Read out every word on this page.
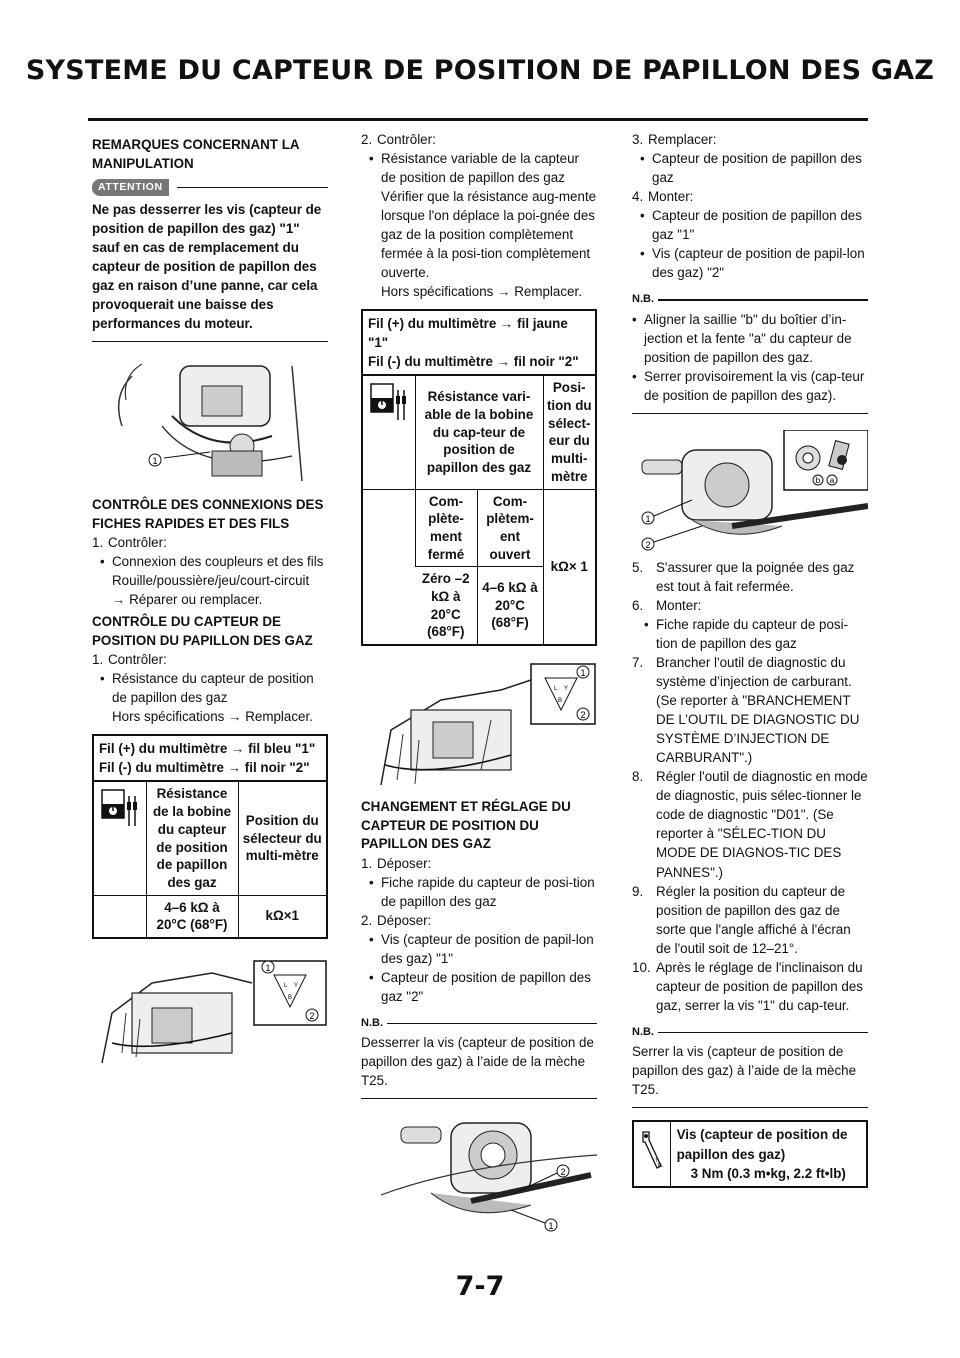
SYSTEME DU CAPTEUR DE POSITION DE PAPILLON DES GAZ
REMARQUES CONCERNANT LA MANIPULATION
ATTENTION
Ne pas desserrer les vis (capteur de position de papillon des gaz) "1" sauf en cas de remplacement du capteur de position de papillon des gaz en raison d’une panne, car cela provoquerait une baisse des performances du moteur.
1
CONTRÔLE DES CONNEXIONS DES FICHES RAPIDES ET DES FILS
1. Contrôler:
• Connexion des coupleurs et des fils
Rouille/poussière/jeu/court-circuit
→ Réparer ou remplacer.
CONTRÔLE DU CAPTEUR DE POSITION DU PAPILLON DES GAZ
1. Contrôler:
• Résistance du capteur de position de papillon des gaz
Hors spécifications → Remplacer.
Fil (+) du multimètre → fil bleu "1"
Fil (-) du multimètre → fil noir "2"
	Résistance de la bobine du capteur de position de papillon des gaz	Position du sélecteur du multi-mètre
	4–6 kΩ à 20°C (68°F)	kΩ×1
L Y
B
1
2
2. Contrôler:
• Résistance variable de la capteur de position de papillon des gaz
Vérifier que la résistance aug-mente lorsque l'on déplace la poi-gnée des gaz de la position complètement fermée à la posi-tion complètement ouverte.
Hors spécifications → Remplacer.
Fil (+) du multimètre → fil jaune "1"
Fil (-) du multimètre → fil noir "2"
	Résistance vari-able de la bobine du cap-teur de position de papillon des gaz		Posi-tion du sélect-eur du multi-mètre
	Com-plète-ment fermé	Com-plètem-ent ouvert	kΩ× 1
	Zéro –2 kΩ à 20°C (68°F)	4–6 kΩ à 20°C (68°F)	
L Y
B
1
2
CHANGEMENT ET RÉGLAGE DU CAPTEUR DE POSITION DU PAPILLON DES GAZ
1. Déposer:
• Fiche rapide du capteur de posi-tion de papillon des gaz
2. Déposer:
• Vis (capteur de position de papil-lon des gaz) "1"
• Capteur de position de papillon des gaz "2"
N.B.
Desserrer la vis (capteur de position de papillon des gaz) à l’aide de la mèche T25.
2
1
3. Remplacer:
• Capteur de position de papillon des gaz
4. Monter:
• Capteur de position de papillon des gaz "1"
• Vis (capteur de position de papil-lon des gaz) "2"
N.B.
• Aligner la saillie "b" du boîtier d’in-jection et la fente "a" du capteur de position de papillon des gaz.
• Serrer provisoirement la vis (cap-teur de position de papillon des gaz).
b a
1
2
5. S'assurer que la poignée des gaz est tout à fait refermée.
6. Monter:
• Fiche rapide du capteur de posi-tion de papillon des gaz
7. Brancher l'outil de diagnostic du système d’injection de carburant. (Se reporter à "BRANCHEMENT DE L’OUTIL DE DIAGNOSTIC DU SYSTÈME D’INJECTION DE CARBURANT".)
8. Régler l'outil de diagnostic en mode de diagnostic, puis sélec-tionner le code de diagnostic "D01". (Se reporter à "SÉLEC-TION DU MODE DE DIAGNOS-TIC DES PANNES".)
9. Régler la position du capteur de position de papillon des gaz de sorte que l'angle affiché à l'écran de l'outil soit de 12–21°.
10. Après le réglage de l'inclinaison du capteur de position de papillon des gaz, serrer la vis "1" du cap-teur.
N.B.
Serrer la vis (capteur de position de papillon des gaz) à l’aide de la mèche T25.
T.
R.
Vis (capteur de position de papillon des gaz)
3 Nm (0.3 m•kg, 2.2 ft•lb)
7-7
